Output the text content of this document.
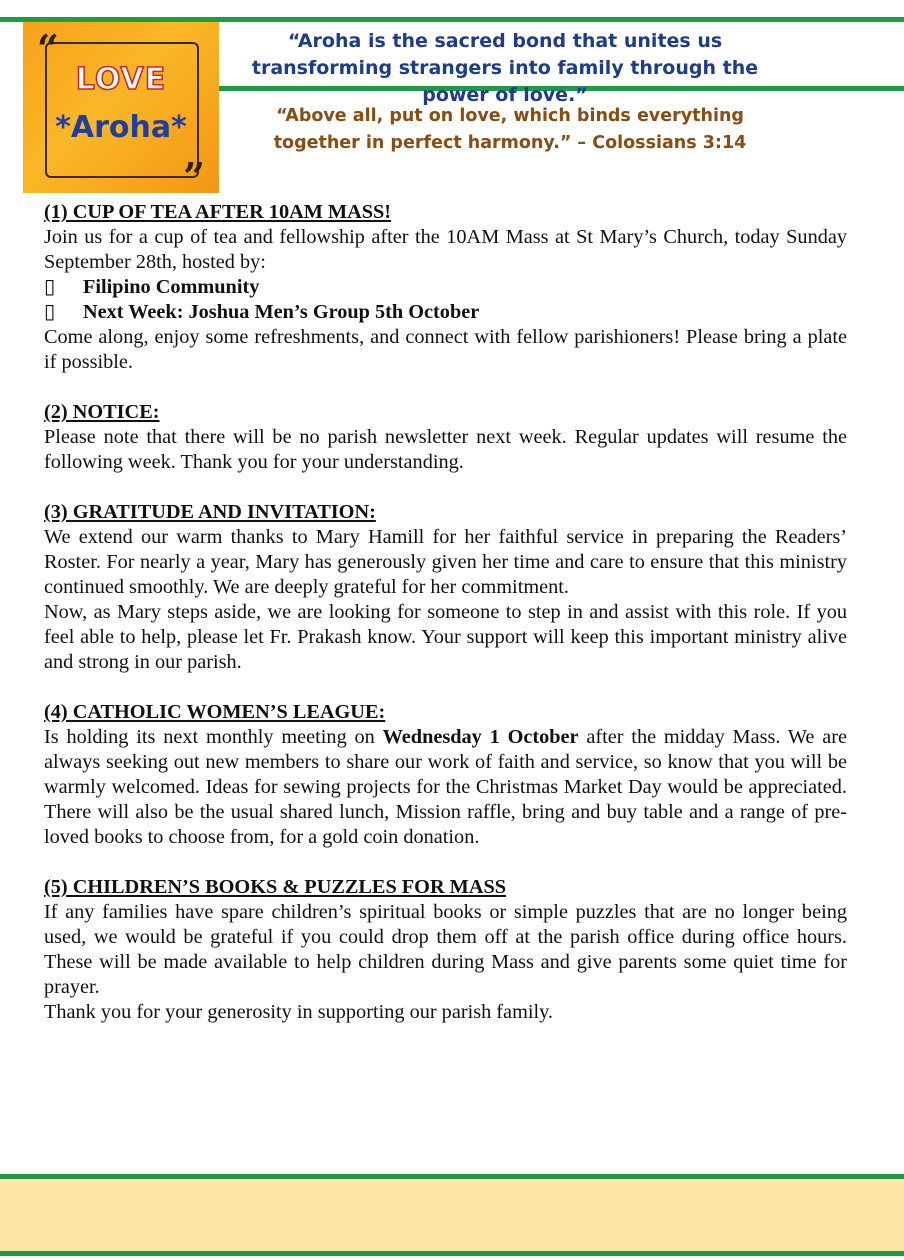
“
LOVE
*Aroha*
”
“Aroha is the sacred bond that unites us transforming strangers into family through the power of love.”
“Above all, put on love, which binds everything together in perfect harmony.” – Colossians 3:14

(1) CUP OF TEA AFTER 10AM MASS!

Join us for a cup of tea and fellowship after the 10AM Mass at St Mary’s Church, today Sunday September 28th, hosted by:

▯	Filipino Community

▯	Next Week: Joshua Men’s Group 5th October

Come along, enjoy some refreshments, and connect with fellow parishioners! Please bring a plate if possible.

(2) NOTICE:

Please note that there will be no parish newsletter next week. Regular updates will resume the following week. Thank you for your understanding.

(3) GRATITUDE AND INVITATION:

We extend our warm thanks to Mary Hamill for her faithful service in preparing the Readers’ Roster. For nearly a year, Mary has generously given her time and care to ensure that this ministry continued smoothly. We are deeply grateful for her commitment.

Now, as Mary steps aside, we are looking for someone to step in and assist with this role. If you feel able to help, please let Fr. Prakash know. Your support will keep this important ministry alive and strong in our parish.

(4) CATHOLIC WOMEN’S LEAGUE:

Is holding its next monthly meeting on Wednesday 1 October after the midday Mass. We are always seeking out new members to share our work of faith and service, so know that you will be warmly welcomed. Ideas for sewing projects for the Christmas Market Day would be appreciated. There will also be the usual shared lunch, Mission raffle, bring and buy table and a range of pre-loved books to choose from, for a gold coin donation.

(5) CHILDREN’S BOOKS & PUZZLES FOR MASS

If any families have spare children’s spiritual books or simple puzzles that are no longer being used, we would be grateful if you could drop them off at the parish office during office hours. These will be made available to help children during Mass and give parents some quiet time for prayer.

Thank you for your generosity in supporting our parish family.
